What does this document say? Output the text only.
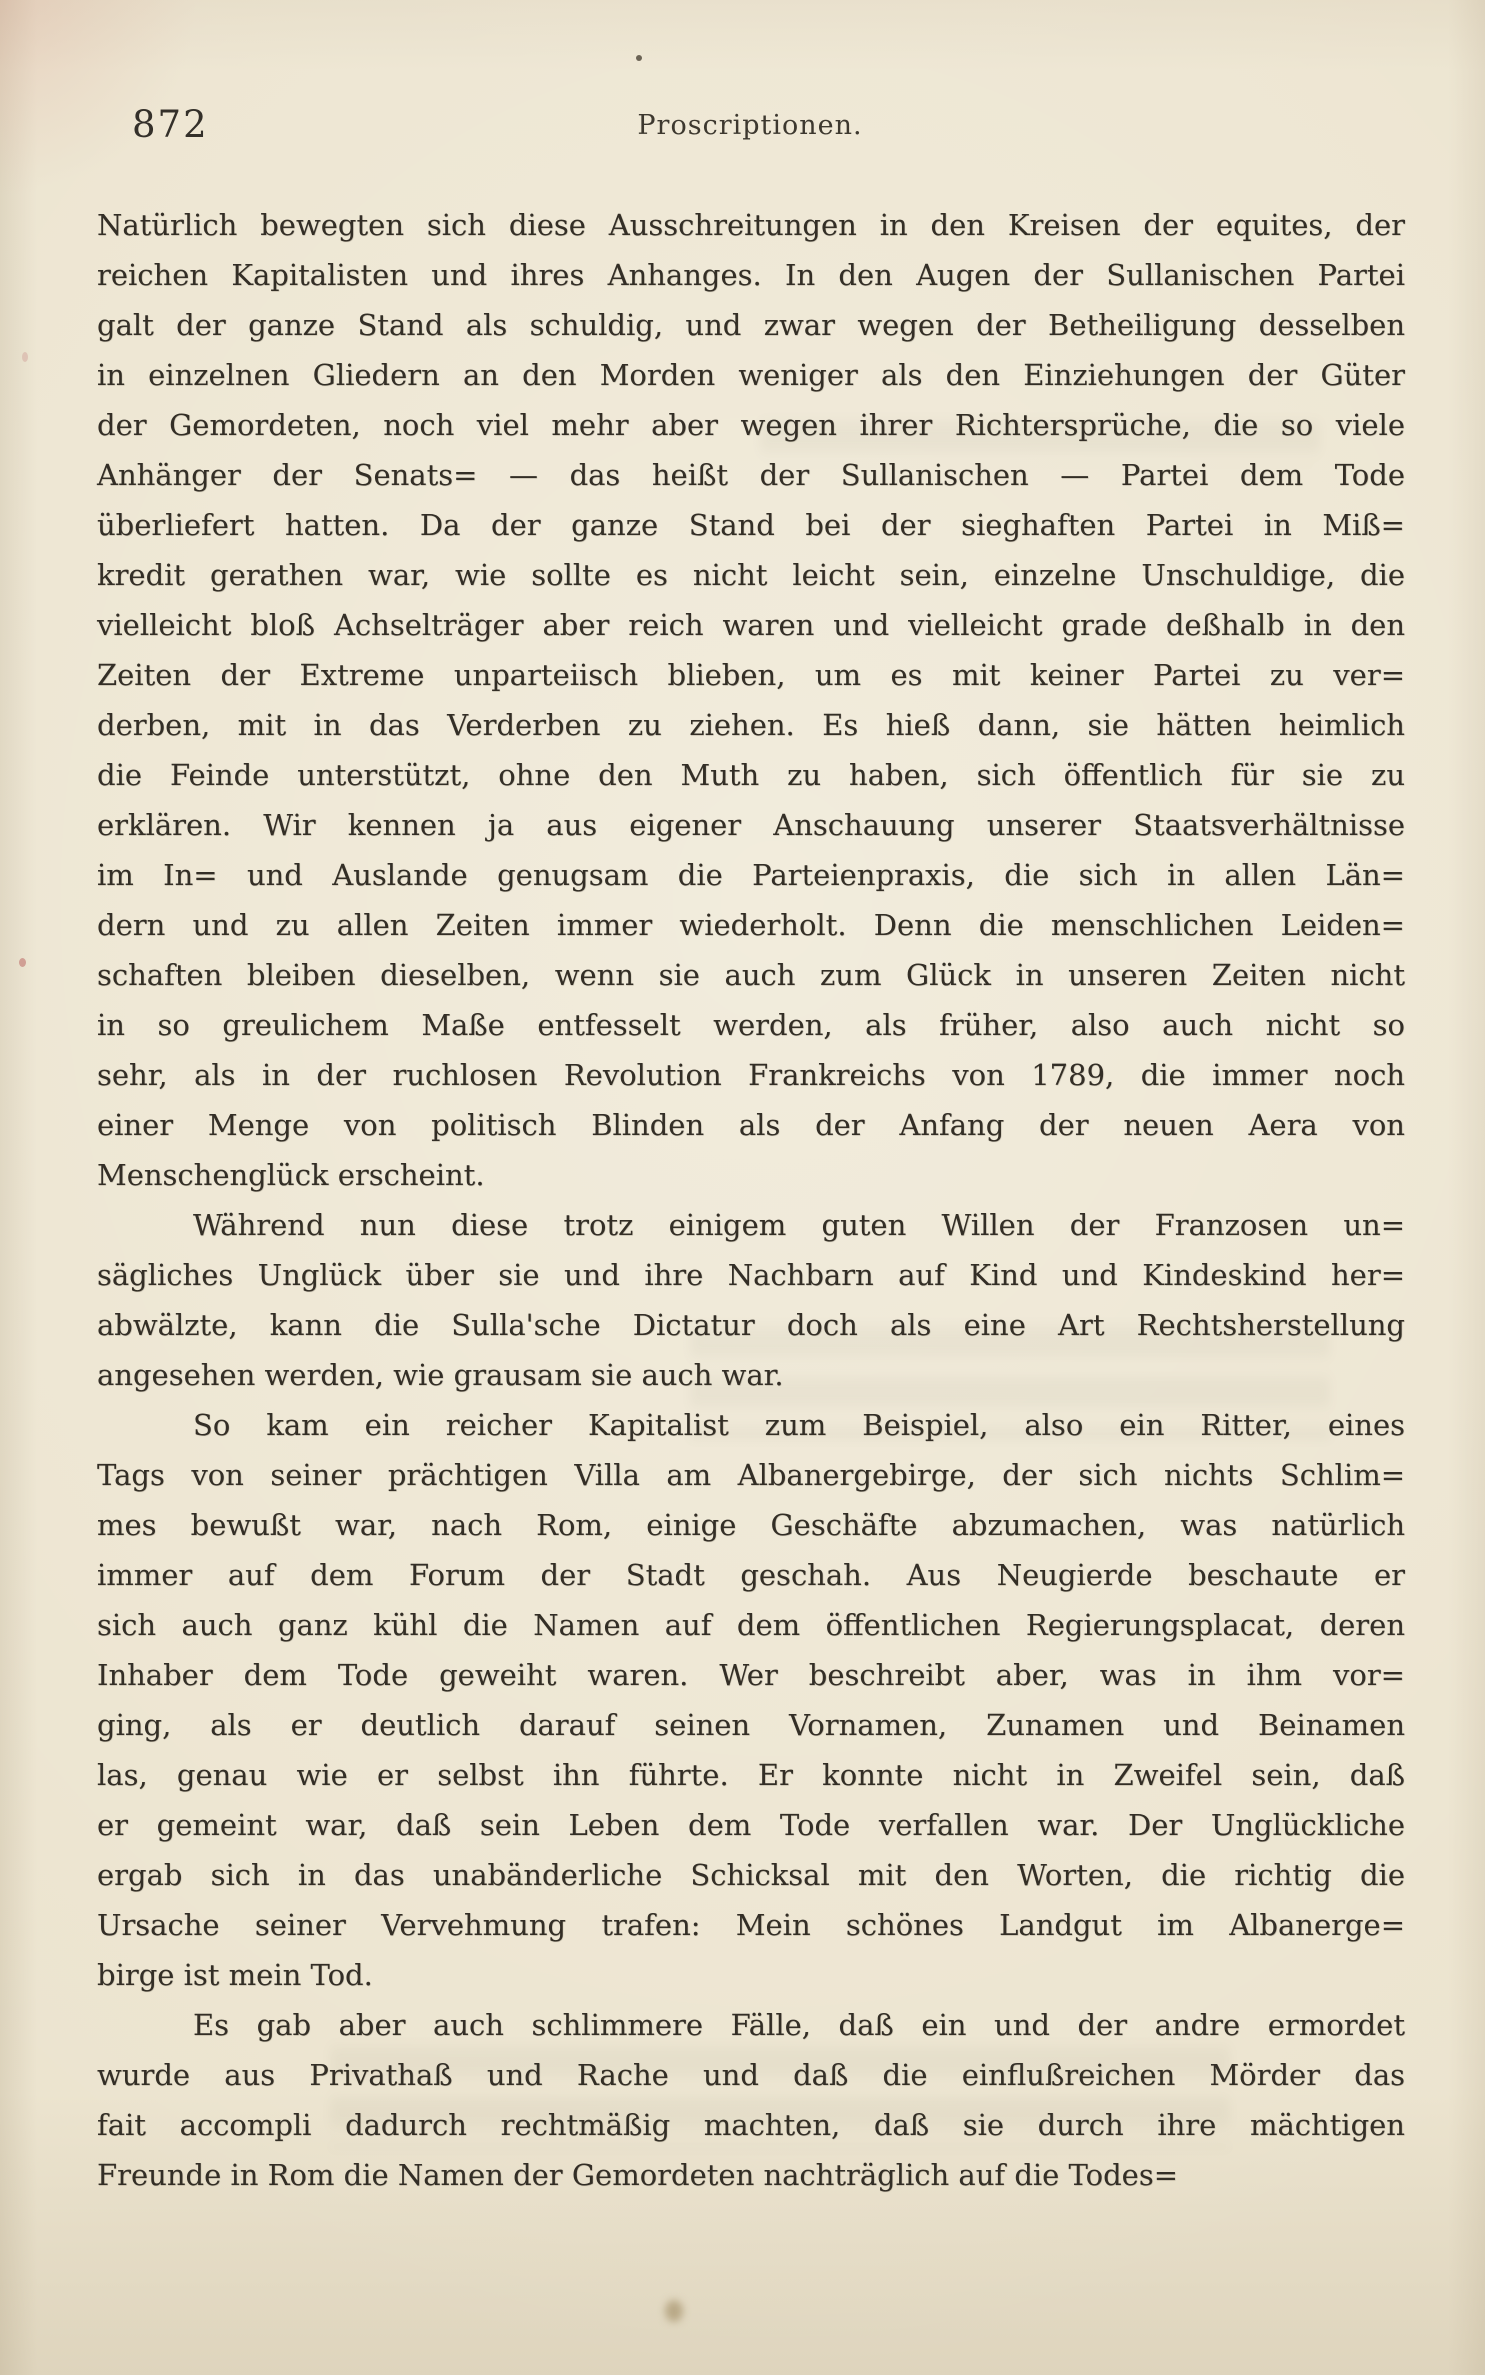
872	Proscriptionen.
Natürlich bewegten sich diese Ausschreitungen in den Kreisen der equites, der
reichen Kapitalisten und ihres Anhanges. In den Augen der Sullanischen Partei
galt der ganze Stand als schuldig, und zwar wegen der Betheiligung desselben
in einzelnen Gliedern an den Morden weniger als den Einziehungen der Güter
der Gemordeten, noch viel mehr aber wegen ihrer Richtersprüche, die so viele
Anhänger der Senats= — das heißt der Sullanischen — Partei dem Tode
überliefert hatten. Da der ganze Stand bei der sieghaften Partei in Miß=
kredit gerathen war, wie sollte es nicht leicht sein, einzelne Unschuldige, die
vielleicht bloß Achselträger aber reich waren und vielleicht grade deßhalb in den
Zeiten der Extreme unparteiisch blieben, um es mit keiner Partei zu ver=
derben, mit in das Verderben zu ziehen. Es hieß dann, sie hätten heimlich
die Feinde unterstützt, ohne den Muth zu haben, sich öffentlich für sie zu
erklären. Wir kennen ja aus eigener Anschauung unserer Staatsverhältnisse
im In= und Auslande genugsam die Parteienpraxis, die sich in allen Län=
dern und zu allen Zeiten immer wiederholt. Denn die menschlichen Leiden=
schaften bleiben dieselben, wenn sie auch zum Glück in unseren Zeiten nicht
in so greulichem Maße entfesselt werden, als früher, also auch nicht so
sehr, als in der ruchlosen Revolution Frankreichs von 1789, die immer noch
einer Menge von politisch Blinden als der Anfang der neuen Aera von
Menschenglück erscheint.
Während nun diese trotz einigem guten Willen der Franzosen un=
sägliches Unglück über sie und ihre Nachbarn auf Kind und Kindeskind her=
abwälzte, kann die Sulla'sche Dictatur doch als eine Art Rechtsherstellung
angesehen werden, wie grausam sie auch war.
So kam ein reicher Kapitalist zum Beispiel, also ein Ritter, eines
Tags von seiner prächtigen Villa am Albanergebirge, der sich nichts Schlim=
mes bewußt war, nach Rom, einige Geschäfte abzumachen, was natürlich
immer auf dem Forum der Stadt geschah. Aus Neugierde beschaute er
sich auch ganz kühl die Namen auf dem öffentlichen Regierungsplacat, deren
Inhaber dem Tode geweiht waren. Wer beschreibt aber, was in ihm vor=
ging, als er deutlich darauf seinen Vornamen, Zunamen und Beinamen
las, genau wie er selbst ihn führte. Er konnte nicht in Zweifel sein, daß
er gemeint war, daß sein Leben dem Tode verfallen war. Der Unglückliche
ergab sich in das unabänderliche Schicksal mit den Worten, die richtig die
Ursache seiner Vervehmung trafen: Mein schönes Landgut im Albanerge=
birge ist mein Tod.
Es gab aber auch schlimmere Fälle, daß ein und der andre ermordet
wurde aus Privathaß und Rache und daß die einflußreichen Mörder das
fait accompli dadurch rechtmäßig machten, daß sie durch ihre mächtigen
Freunde in Rom die Namen der Gemordeten nachträglich auf die Todes=
